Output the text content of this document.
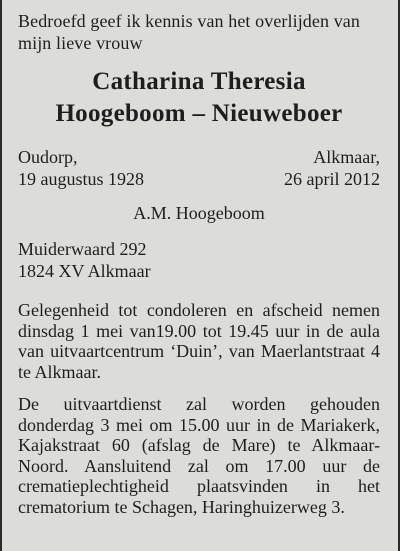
Bedroefd geef ik kennis van het overlijden van
mijn lieve vrouw

Catharina Theresia
Hoogeboom – Nieuweboer
Oudorp,
19 augustus 1928
Alkmaar,
26 april 2012
A.M. Hoogeboom
Muiderwaard 292
1824 XV Alkmaar

Gelegenheid tot condoleren en afscheid nemen dinsdag 1 mei van19.00 tot 19.45 uur in de aula van uitvaartcentrum ‘Duin’, van Maerlantstraat 4 te Alkmaar.

De uitvaartdienst zal worden gehouden donderdag 3 mei om 15.00 uur in de Mariakerk, Kajakstraat 60 (afslag de Mare) te Alkmaar- Noord. Aansluitend zal om 17.00 uur de crematieplechtigheid plaatsvinden in het crematorium te Schagen, Haringhuizerweg 3.
